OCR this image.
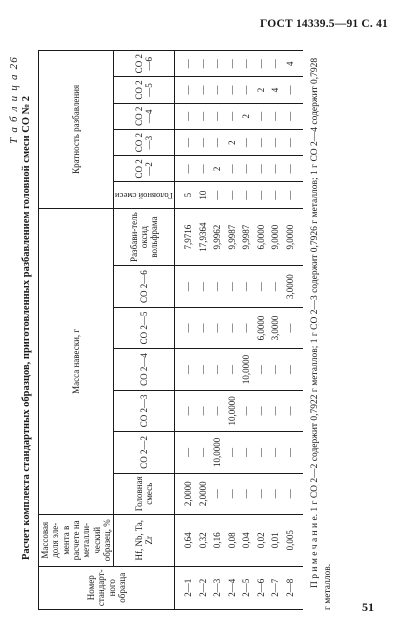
ГОСТ 14339.5—91 С. 41
Т а б л и ц а 26 Расчет комплекта стандартных образцов, приготовленных разбавлением головной смеси СО № 2
Номер стандарт-ного образца	Массовая доля эле-мента в расчете на металли-ческий образец, %	Масса навески, г							Кратность разбавления					
	Hf, Nb, Ta, Zr	Головная смесь	СО 2—2	СО 2—3	СО 2—4	СО 2—5	СО 2—6	Разбави-тель оксид вольфрама	Головной смеси	СО 2—2	СО 2—3	СО 2—4	СО 2—5	СО 2—6
2—1	0,64	2,0000	—	—	—	—	—	7,9716	5	—	—	—	—	—
2—2	0,32	2,0000	—	—	—	—	—	17,9364	10	—	—	—	—	—
2—3	0,16	—	10,0000	—	—	—	—	9,9962	—	2	—	—	—	—
2—4	0,08	—	—	10,0000	—	—	—	9,9987	—	—	2	—	—	—
2—5	0,04	—	—	—	10,0000	—	—	9,9987	—	—	—	2	—	—
2—6	0,02	—	—	—	—	6,0000	—	6,0000	—	—	—	—	2	—
2—7	0,01	—	—	—	—	3,0000	—	9,0000	—	—	—	—	4	—
2—8	0,005	—	—	—	—	—	3,0000	9,0000	—	—	—	—	—	4 П р и м е ч а н и е. 1 г СО 2—2 содержит 0,7922 г металлов; 1 г СО 2—3 содержит 0,7926 г металлов; 1 г СО 2—4 содержит 0,7928 г металлов. 51
